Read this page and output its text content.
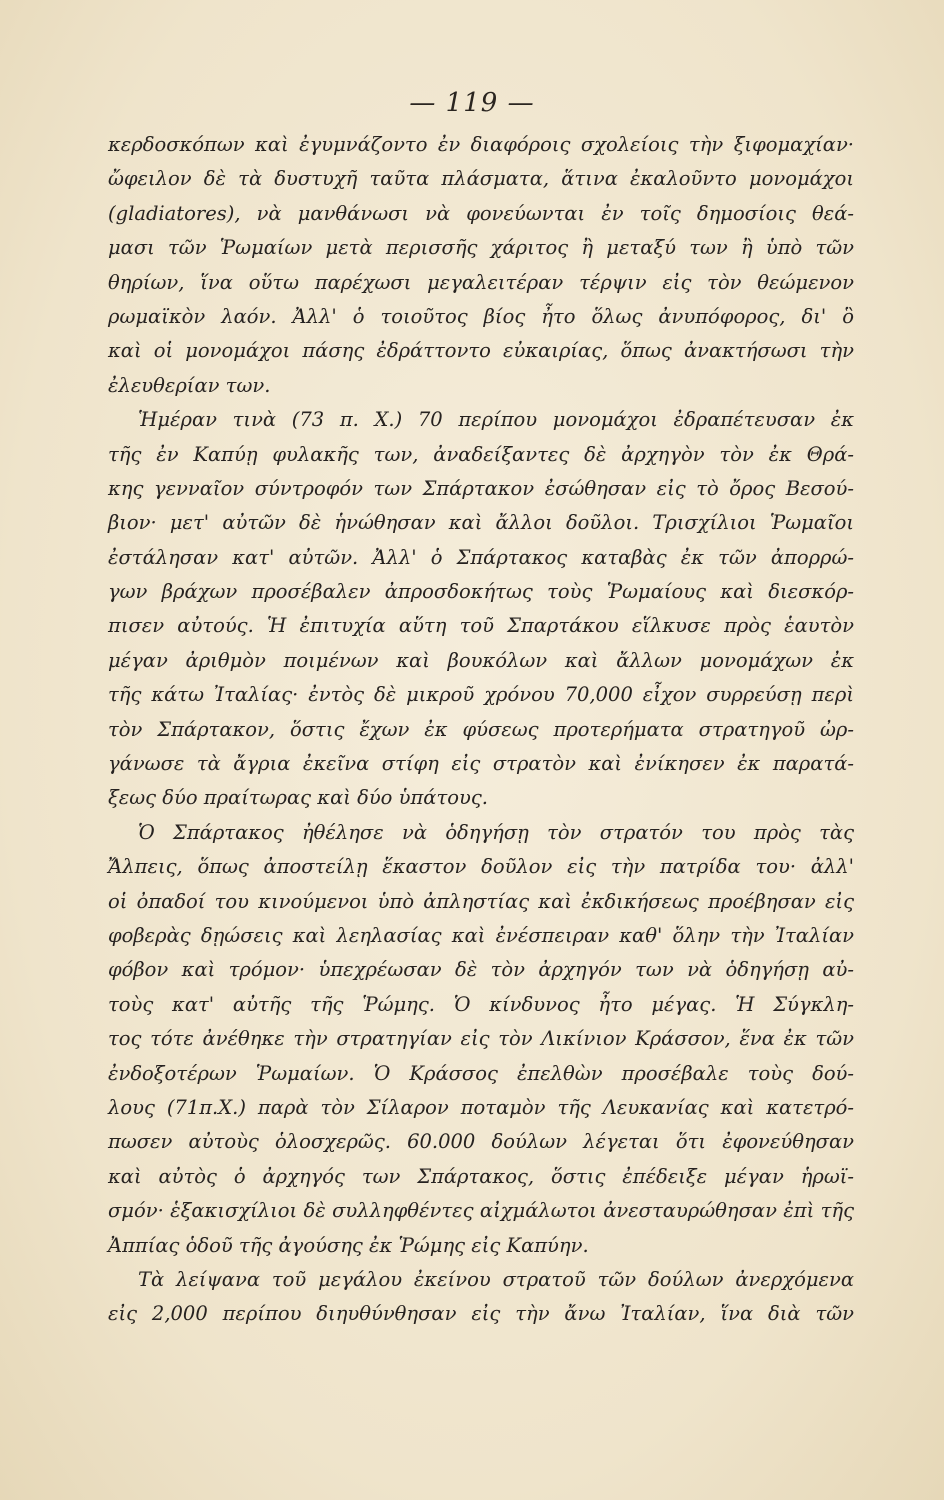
— 119 —
κερδοσκόπων καὶ ἐγυμνάζοντο ἐν διαφόροις σχολείοις τὴν ξιφομαχίαν·
ὤφειλον δὲ τὰ δυστυχῆ ταῦτα πλάσματα, ἅτινα ἐκαλοῦντο μονομάχοι
(gladiatores), νὰ μανθάνωσι νὰ φονεύωνται ἐν τοῖς δημοσίοις θεά-
μασι τῶν Ῥωμαίων μετὰ περισσῆς χάριτος ἢ μεταξύ των ἢ ὑπὸ τῶν
θηρίων, ἵνα οὕτω παρέχωσι μεγαλειτέραν τέρψιν εἰς τὸν θεώμενον
ρωμαϊκὸν λαόν. Ἀλλ' ὁ τοιοῦτος βίος ἦτο ὅλως ἀνυπόφορος, δι' ὃ
καὶ οἱ μονομάχοι πάσης ἐδράττοντο εὐκαιρίας, ὅπως ἀνακτήσωσι τὴν
ἐλευθερίαν των.
Ἡμέραν τινὰ (73 π. Χ.) 70 περίπου μονομάχοι ἐδραπέτευσαν ἐκ
τῆς ἐν Καπύῃ φυλακῆς των, ἀναδείξαντες δὲ ἀρχηγὸν τὸν ἐκ Θρά-
κης γενναῖον σύντροφόν των Σπάρτακον ἐσώθησαν εἰς τὸ ὄρος Βεσού-
βιον· μετ' αὐτῶν δὲ ἡνώθησαν καὶ ἄλλοι δοῦλοι. Τρισχίλιοι Ῥωμαῖοι
ἐστάλησαν κατ' αὐτῶν. Ἀλλ' ὁ Σπάρτακος καταβὰς ἐκ τῶν ἀπορρώ-
γων βράχων προσέβαλεν ἀπροσδοκήτως τοὺς Ῥωμαίους καὶ διεσκόρ-
πισεν αὐτούς. Ἡ ἐπιτυχία αὕτη τοῦ Σπαρτάκου εἵλκυσε πρὸς ἑαυτὸν
μέγαν ἀριθμὸν ποιμένων καὶ βουκόλων καὶ ἄλλων μονομάχων ἐκ
τῆς κάτω Ἰταλίας· ἐντὸς δὲ μικροῦ χρόνου 70,000 εἶχον συρρεύσῃ περὶ
τὸν Σπάρτακον, ὅστις ἔχων ἐκ φύσεως προτερήματα στρατηγοῦ ὠρ-
γάνωσε τὰ ἄγρια ἐκεῖνα στίφη εἰς στρατὸν καὶ ἐνίκησεν ἐκ παρατά-
ξεως δύο πραίτωρας καὶ δύο ὑπάτους.
Ὁ Σπάρτακος ἠθέλησε νὰ ὁδηγήσῃ τὸν στρατόν του πρὸς τὰς
Ἄλπεις, ὅπως ἀποστείλῃ ἕκαστον δοῦλον εἰς τὴν πατρίδα του· ἀλλ'
οἱ ὀπαδοί του κινούμενοι ὑπὸ ἀπληστίας καὶ ἐκδικήσεως προέβησαν εἰς
φοβερὰς δῃώσεις καὶ λεηλασίας καὶ ἐνέσπειραν καθ' ὅλην τὴν Ἰταλίαν
φόβον καὶ τρόμον· ὑπεχρέωσαν δὲ τὸν ἀρχηγόν των νὰ ὁδηγήσῃ αὐ-
τοὺς κατ' αὐτῆς τῆς Ῥώμης. Ὁ κίνδυνος ἦτο μέγας. Ἡ Σύγκλη-
τος τότε ἀνέθηκε τὴν στρατηγίαν εἰς τὸν Λικίνιον Κράσσον, ἕνα ἐκ τῶν
ἐνδοξοτέρων Ῥωμαίων. Ὁ Κράσσος ἐπελθὼν προσέβαλε τοὺς δού-
λους (71π.Χ.) παρὰ τὸν Σίλαρον ποταμὸν τῆς Λευκανίας καὶ κατετρό-
πωσεν αὐτοὺς ὁλοσχερῶς. 60.000 δούλων λέγεται ὅτι ἐφονεύθησαν
καὶ αὐτὸς ὁ ἀρχηγός των Σπάρτακος, ὅστις ἐπέδειξε μέγαν ἡρωϊ-
σμόν· ἑξακισχίλιοι δὲ συλληφθέντες αἰχμάλωτοι ἀνεσταυρώθησαν ἐπὶ τῆς
Ἀππίας ὁδοῦ τῆς ἀγούσης ἐκ Ῥώμης εἰς Καπύην.
Τὰ λείψανα τοῦ μεγάλου ἐκείνου στρατοῦ τῶν δούλων ἀνερχόμενα
εἰς 2,000 περίπου διηυθύνθησαν εἰς τὴν ἄνω Ἰταλίαν, ἵνα διὰ τῶν
